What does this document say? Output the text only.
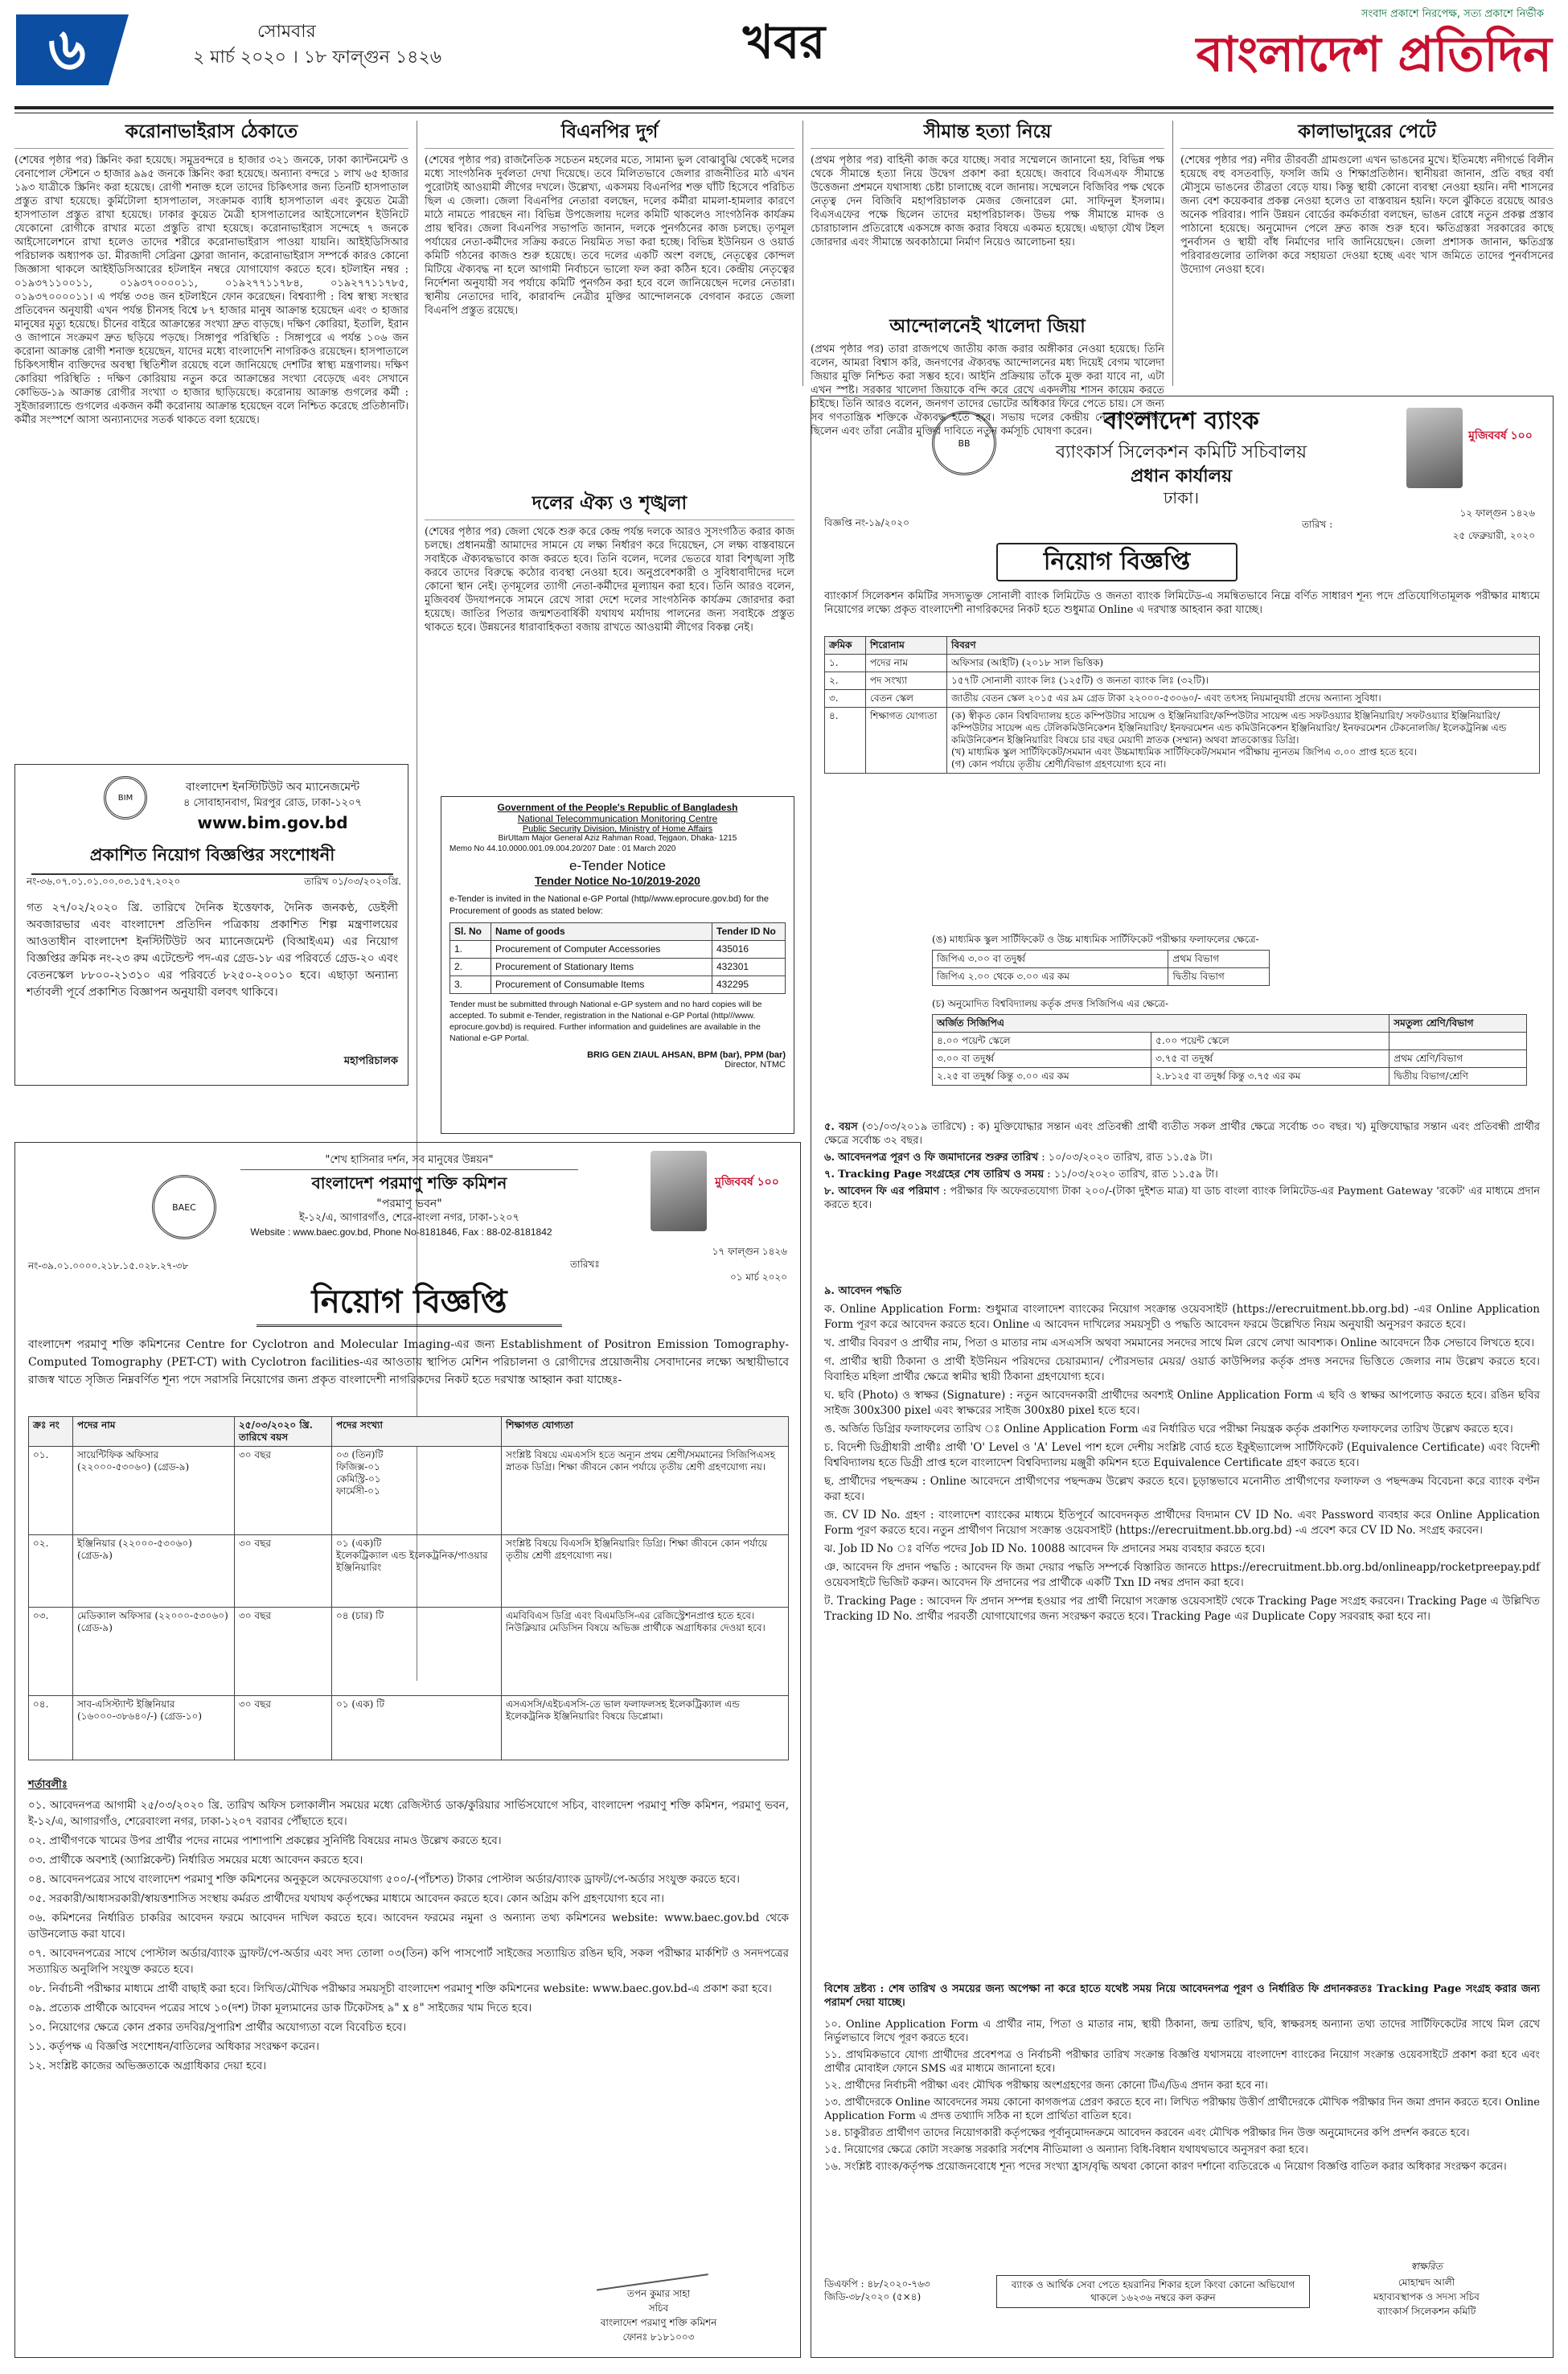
৬	সোমবার
২ মার্চ ২০২০ । ১৮ ফাল্গুন ১৪২৬	খবর
সংবাদ প্রকাশে নিরপেক্ষ, সত্য প্রকাশে নির্ভীক
বাংলাদেশ প্রতিদিন
করোনাভাইরাস ঠেকাতে
(শেষের পৃষ্ঠার পর) স্ক্রিনিং করা হয়েছে। সমুদ্রবন্দরে ৪ হাজার ৩২১ জনকে, ঢাকা ক্যান্টনমেন্ট ও বেনাপোল স্টেশনে ৩ হাজার ৯৯৫ জনকে স্ক্রিনিং করা হয়েছে। অন্যান্য বন্দরে ১ লাখ ৬৫ হাজার ১৯৩ যাত্রীকে স্ক্রিনিং করা হয়েছে। রোগী শনাক্ত হলে তাদের চিকিৎসার জন্য তিনটি হাসপাতাল প্রস্তুত রাখা হয়েছে। কুর্মিটোলা হাসপাতাল, সংক্রামক ব্যাধি হাসপাতাল এবং কুয়েত মৈত্রী হাসপাতাল প্রস্তুত রাখা হয়েছে। ঢাকার কুয়েত মৈত্রী হাসপাতালের আইসোলেশন ইউনিটে যেকোনো রোগীকে রাখার মতো প্রস্তুতি রাখা হয়েছে। করোনাভাইরাস সন্দেহে ৭ জনকে আইসোলেশনে রাখা হলেও তাদের শরীরে করোনাভাইরাস পাওয়া যায়নি। আইইডিসিআর পরিচালক অধ্যাপক ডা. মীরজাদী সেব্রিনা ফ্লোরা জানান, করোনাভাইরাস সম্পর্কে কারও কোনো জিজ্ঞাসা থাকলে আইইডিসিআরের হটলাইন নম্বরে যোগাযোগ করতে হবে। হটলাইন নম্বর : ০১৯৩৭১১০০১১, ০১৯৩৭০০০০১১, ০১৯২৭৭১১৭৮৪, ০১৯২৭৭১১৭৮৫, ০১৯৩৭০০০০১১। এ পর্যন্ত ৩৩৪ জন হটলাইনে ফোন করেছেন। বিশ্বব্যাপী : বিশ্ব স্বাস্থ্য সংস্থার প্রতিবেদন অনুযায়ী এখন পর্যন্ত চীনসহ বিশ্বে ৮৭ হাজার মানুষ আক্রান্ত হয়েছেন এবং ৩ হাজার মানুষের মৃত্যু হয়েছে। চীনের বাইরে আক্রান্তের সংখ্যা দ্রুত বাড়ছে। দক্ষিণ কোরিয়া, ইতালি, ইরান ও জাপানে সংক্রমণ দ্রুত ছড়িয়ে পড়ছে। সিঙ্গাপুর পরিস্থিতি : সিঙ্গাপুরে এ পর্যন্ত ১০৬ জন করোনা আক্রান্ত রোগী শনাক্ত হয়েছেন, যাদের মধ্যে বাংলাদেশি নাগরিকও রয়েছেন। হাসপাতালে চিকিৎসাধীন ব্যক্তিদের অবস্থা স্থিতিশীল রয়েছে বলে জানিয়েছে দেশটির স্বাস্থ্য মন্ত্রণালয়। দক্ষিণ কোরিয়া পরিস্থিতি : দক্ষিণ কোরিয়ায় নতুন করে আক্রান্তের সংখ্যা বেড়েছে এবং সেখানে কোভিড-১৯ আক্রান্ত রোগীর সংখ্যা ৩ হাজার ছাড়িয়েছে। করোনায় আক্রান্ত গুগলের কর্মী : সুইজারল্যান্ডে গুগলের একজন কর্মী করোনায় আক্রান্ত হয়েছেন বলে নিশ্চিত করেছে প্রতিষ্ঠানটি। কর্মীর সংস্পর্শে আসা অন্যান্যদের সতর্ক থাকতে বলা হয়েছে।
বিএনপির দুর্গ
(শেষের পৃষ্ঠার পর) রাজনৈতিক সচেতন মহলের মতে, সামান্য ভুল বোঝাবুঝি থেকেই দলের মধ্যে সাংগঠনিক দুর্বলতা দেখা দিয়েছে। তবে মিলিতভাবে জেলার রাজনীতির মাঠ এখন পুরোটাই আওয়ামী লীগের দখলে। উল্লেখ্য, একসময় বিএনপির শক্ত ঘাঁটি হিসেবে পরিচিত ছিল এ জেলা। জেলা বিএনপির নেতারা বলছেন, দলের কর্মীরা মামলা-হামলার কারণে মাঠে নামতে পারছেন না। বিভিন্ন উপজেলায় দলের কমিটি থাকলেও সাংগঠনিক কার্যক্রম প্রায় স্থবির। জেলা বিএনপির সভাপতি জানান, দলকে পুনর্গঠনের কাজ চলছে। তৃণমূল পর্যায়ের নেতা-কর্মীদের সক্রিয় করতে নিয়মিত সভা করা হচ্ছে। বিভিন্ন ইউনিয়ন ও ওয়ার্ড কমিটি গঠনের কাজও শুরু হয়েছে। তবে দলের একটি অংশ বলছে, নেতৃত্বের কোন্দল মিটিয়ে ঐক্যবদ্ধ না হলে আগামী নির্বাচনে ভালো ফল করা কঠিন হবে। কেন্দ্রীয় নেতৃত্বের নির্দেশনা অনুযায়ী সব পর্যায়ে কমিটি পুনর্গঠন করা হবে বলে জানিয়েছেন দলের নেতারা। স্থানীয় নেতাদের দাবি, কারাবন্দি নেত্রীর মুক্তির আন্দোলনকে বেগবান করতে জেলা বিএনপি প্রস্তুত রয়েছে।
দলের ঐক্য ও শৃঙ্খলা
(শেষের পৃষ্ঠার পর) জেলা থেকে শুরু করে কেন্দ্র পর্যন্ত দলকে আরও সুসংগঠিত করার কাজ চলছে। প্রধানমন্ত্রী আমাদের সামনে যে লক্ষ্য নির্ধারণ করে দিয়েছেন, সে লক্ষ্য বাস্তবায়নে সবাইকে ঐক্যবদ্ধভাবে কাজ করতে হবে। তিনি বলেন, দলের ভেতরে যারা বিশৃঙ্খলা সৃষ্টি করবে তাদের বিরুদ্ধে কঠোর ব্যবস্থা নেওয়া হবে। অনুপ্রবেশকারী ও সুবিধাবাদীদের দলে কোনো স্থান নেই। তৃণমূলের ত্যাগী নেতা-কর্মীদের মূল্যায়ন করা হবে। তিনি আরও বলেন, মুজিববর্ষ উদযাপনকে সামনে রেখে সারা দেশে দলের সাংগঠনিক কার্যক্রম জোরদার করা হয়েছে। জাতির পিতার জন্মশতবার্ষিকী যথাযথ মর্যাদায় পালনের জন্য সবাইকে প্রস্তুত থাকতে হবে। উন্নয়নের ধারাবাহিকতা বজায় রাখতে আওয়ামী লীগের বিকল্প নেই।
সীমান্ত হত্যা নিয়ে
(প্রথম পৃষ্ঠার পর) বাহিনী কাজ করে যাচ্ছে। সবার সম্মেলনে জানানো হয়, বিভিন্ন পক্ষ থেকে সীমান্তে হত্যা নিয়ে উদ্বেগ প্রকাশ করা হয়েছে। জবাবে বিএসএফ সীমান্তে উত্তেজনা প্রশমনে যথাসাধ্য চেষ্টা চালাচ্ছে বলে জানায়। সম্মেলনে বিজিবির পক্ষ থেকে নেতৃত্ব দেন বিজিবি মহাপরিচালক মেজর জেনারেল মো. সাফিনুল ইসলাম। বিএসএফের পক্ষে ছিলেন তাদের মহাপরিচালক। উভয় পক্ষ সীমান্তে মাদক ও চোরাচালান প্রতিরোধে একসঙ্গে কাজ করার বিষয়ে একমত হয়েছে। এছাড়া যৌথ টহল জোরদার এবং সীমান্তে অবকাঠামো নির্মাণ নিয়েও আলোচনা হয়।
আন্দোলনেই খালেদা জিয়া
(প্রথম পৃষ্ঠার পর) তারা রাজপথে জাতীয় কাজ করার অঙ্গীকার নেওয়া হয়েছে। তিনি বলেন, আমরা বিশ্বাস করি, জনগণের ঐক্যবদ্ধ আন্দোলনের মধ্য দিয়েই বেগম খালেদা জিয়ার মুক্তি নিশ্চিত করা সম্ভব হবে। আইনি প্রক্রিয়ায় তাঁকে মুক্ত করা যাবে না, এটা এখন স্পষ্ট। সরকার খালেদা জিয়াকে বন্দি করে রেখে একদলীয় শাসন কায়েম করতে চাইছে। তিনি আরও বলেন, জনগণ তাদের ভোটের অধিকার ফিরে পেতে চায়। সে জন্য সব গণতান্ত্রিক শক্তিকে ঐক্যবদ্ধ হতে হবে। সভায় দলের কেন্দ্রীয় নেতারা উপস্থিত ছিলেন এবং তাঁরা নেত্রীর মুক্তির দাবিতে নতুন কর্মসূচি ঘোষণা করেন।
কালাভাদুরের পেটে
(শেষের পৃষ্ঠার পর) নদীর তীরবর্তী গ্রামগুলো এখন ভাঙনের মুখে। ইতিমধ্যে নদীগর্ভে বিলীন হয়েছে বহু বসতবাড়ি, ফসলি জমি ও শিক্ষাপ্রতিষ্ঠান। স্থানীয়রা জানান, প্রতি বছর বর্ষা মৌসুমে ভাঙনের তীব্রতা বেড়ে যায়। কিন্তু স্থায়ী কোনো ব্যবস্থা নেওয়া হয়নি। নদী শাসনের জন্য বেশ কয়েকবার প্রকল্প নেওয়া হলেও তা বাস্তবায়ন হয়নি। ফলে ঝুঁকিতে রয়েছে আরও অনেক পরিবার। পানি উন্নয়ন বোর্ডের কর্মকর্তারা বলছেন, ভাঙন রোধে নতুন প্রকল্প প্রস্তাব পাঠানো হয়েছে। অনুমোদন পেলে দ্রুত কাজ শুরু হবে। ক্ষতিগ্রস্তরা সরকারের কাছে পুনর্বাসন ও স্থায়ী বাঁধ নির্মাণের দাবি জানিয়েছেন। জেলা প্রশাসক জানান, ক্ষতিগ্রস্ত পরিবারগুলোর তালিকা করে সহায়তা দেওয়া হচ্ছে এবং খাস জমিতে তাদের পুনর্বাসনের উদ্যোগ নেওয়া হবে।
BIM
বাংলাদেশ ইনস্টিটিউট অব ম্যানেজমেন্ট
৪ সোবাহানবাগ, মিরপুর রোড, ঢাকা-১২০৭
www.bim.gov.bd
প্রকাশিত নিয়োগ বিজ্ঞপ্তির সংশোধনী
নং-৩৬.০৭.০১.০১.০০.০৩.১৫৭.২০২০	তারিখ ০১/০৩/২০২০খ্রি.
গত ২৭/০২/২০২০ খ্রি. তারিখে দৈনিক ইত্তেফাক, দৈনিক জনকণ্ঠ, ডেইলী অবজারভার এবং বাংলাদেশ প্রতিদিন পত্রিকায় প্রকাশিত শিল্প মন্ত্রণালয়ের আওতাধীন বাংলাদেশ ইনস্টিটিউট অব ম্যানেজমেন্ট (বিআইএম) এর নিয়োগ বিজ্ঞপ্তির ক্রমিক নং-২৩ রুম এটেন্ডেন্ট পদ-এর গ্রেড-১৮ এর পরিবর্তে গ্রেড-২০ এবং বেতনস্কেল ৮৮০০-২১৩১০ এর পরিবর্তে ৮২৫০-২০০১০ হবে। এছাড়া অন্যান্য শর্তাবলী পূর্বে প্রকাশিত বিজ্ঞাপন অনুযায়ী বলবৎ থাকিবে।
মহাপরিচালক
Government of the People's Republic of Bangladesh
National Telecommunication Monitoring Centre
Public Security Division, Ministry of Home Affairs
BirUttam Major General Aziz Rahman Road, Tejgaon, Dhaka- 1215
Memo No 44.10.0000.001.09.004.20/207 Date : 01 March 2020
e-Tender Notice
Tender Notice No-10/2019-2020
e-Tender is invited in the National e-GP Portal (http//www.eprocure.gov.bd) for the Procurement of goods as stated below:
Sl. No	Name of goods	Tender ID No
1.	Procurement of Computer Accessories	435016
2.	Procurement of Stationary Items	432301
3.	Procurement of Consumable Items	432295
Tender must be submitted through National e-GP system and no hard copies will be accepted. To submit e-Tender, registration in the National e-GP Portal (http///www. eprocure.gov.bd) is required. Further information and guidelines are available in the National e-GP Portal.
BRIG GEN ZIAUL AHSAN, BPM (bar), PPM (bar)
Director, NTMC
BB
বাংলাদেশ ব্যাংক
ব্যাংকার্স সিলেকশন কমিটি সচিবালয়
প্রধান কার্যালয়
ঢাকা।
মুজিববর্ষ ১০০
বিজ্ঞপ্তি নং-১৯/২০২০
১২ ফাল্গুন ১৪২৬
তারিখ :
২৫ ফেব্রুয়ারী, ২০২০
নিয়োগ বিজ্ঞপ্তি
ব্যাংকার্স সিলেকশন কমিটির সদস্যভুক্ত সোনালী ব্যাংক লিমিটেড ও জনতা ব্যাংক লিমিটেড-এ সমন্বিতভাবে নিম্নে বর্ণিত সাধারণ শূন্য পদে প্রতিযোগিতামূলক পরীক্ষার মাধ্যমে নিয়োগের লক্ষ্যে প্রকৃত বাংলাদেশী নাগরিকদের নিকট হতে শুধুমাত্র Online এ দরখাস্ত আহবান করা যাচ্ছে।
ক্রমিক	শিরোনাম	বিবরণ
১.	পদের নাম	অফিসার (আইটি) (২০১৮ সাল ভিত্তিক)
২.	পদ সংখ্যা	১৫৭টি সোনালী ব্যাংক লিঃ (১২৫টি) ও জনতা ব্যাংক লিঃ (৩২টি)।
৩.	বেতন স্কেল	জাতীয় বেতন স্কেল ২০১৫ এর ৯ম গ্রেড টাকা ২২০০০-৫৩০৬০/- এবং তৎসহ নিয়মানুযায়ী প্রদেয় অন্যান্য সুবিধা।
৪.	শিক্ষাগত যোগ্যতা	(ক) স্বীকৃত কোন বিশ্ববিদ্যালয় হতে কম্পিউটার সায়েন্স ও ইঞ্জিনিয়ারিং/কম্পিউটার সায়েন্স এন্ড সফটওয়্যার ইঞ্জিনিয়ারিং/ সফটওয়্যার ইঞ্জিনিয়ারিং/কম্পিউটার সায়েন্স এন্ড টেলিকমিউনিকেশন ইঞ্জিনিয়ারিং/ ইনফরমেশন এন্ড কমিউনিকেশন ইঞ্জিনিয়ারিং/ ইনফরমেশন টেকনোলজি/ ইলেকট্রনিক্স এন্ড কমিউনিকেশন ইঞ্জিনিয়ারিং বিষয়ে চার বছর মেয়াদী স্নাতক (সম্মান) অথবা স্নাতকোত্তর ডিগ্রি।
(খ) মাধ্যমিক স্কুল সার্টিফিকেট/সমমান এবং উচ্চমাধ্যমিক সার্টিফিকেট/সমমান পরীক্ষায় ন্যূনতম জিপিএ ৩.০০ প্রাপ্ত হতে হবে।
(গ) কোন পর্যায়ে তৃতীয় শ্রেণী/বিভাগ গ্রহণযোগ্য হবে না।
(ঙ) মাধ্যমিক স্কুল সার্টিফিকেট ও উচ্চ মাধ্যমিক সার্টিফিকেট পরীক্ষার ফলাফলের ক্ষেত্রে-
জিপিএ ৩.০০ বা তদুর্ধ্ব	প্রথম বিভাগ
জিপিএ ২.০০ থেকে ৩.০০ এর কম	দ্বিতীয় বিভাগ
(চ) অনুমোদিত বিশ্ববিদ্যালয় কর্তৃক প্রদত্ত সিজিপিএ এর ক্ষেত্রে-
অর্জিত সিজিপিএ		সমতুল্য শ্রেণি/বিভাগ
৪.০০ পয়েন্ট স্কেলে	৫.০০ পয়েন্ট স্কেলে	
৩.০০ বা তদুর্ধ্ব	৩.৭৫ বা তদুর্ধ্ব	প্রথম শ্রেণি/বিভাগ
২.২৫ বা তদুর্ধ্ব কিন্তু ৩.০০ এর কম	২.৮১২৫ বা তদুর্ধ্ব কিন্তু ৩.৭৫ এর কম	দ্বিতীয় বিভাগ/শ্রেণি
৫. বয়স (৩১/০৩/২০১৯ তারিখে) : ক) মুক্তিযোদ্ধার সন্তান এবং প্রতিবন্ধী প্রার্থী ব্যতীত সকল প্রার্থীর ক্ষেত্রে সর্বোচ্চ ৩০ বছর। খ) মুক্তিযোদ্ধার সন্তান এবং প্রতিবন্ধী প্রার্থীর ক্ষেত্রে সর্বোচ্চ ৩২ বছর।
৬. আবেদনপত্র পূরণ ও ফি জমাদানের শুরুর তারিখ : ১০/০৩/২০২০ তারিখ, রাত ১১.৫৯ টা।
৭. Tracking Page সংগ্রহের শেষ তারিখ ও সময় : ১১/০৩/২০২০ তারিখ, রাত ১১.৫৯ টা।
৮. আবেদন ফি এর পরিমাণ : পরীক্ষার ফি অফেরতযোগ্য টাকা ২০০/-(টাকা দুইশত মাত্র) যা ডাচ বাংলা ব্যাংক লিমিটেড-এর Payment Gateway 'রকেট' এর মাধ্যমে প্রদান করতে হবে।
৯. আবেদন পদ্ধতি
ক. Online Application Form: শুধুমাত্র বাংলাদেশ ব্যাংকের নিয়োগ সংক্রান্ত ওয়েবসাইট (https://erecruitment.bb.org.bd) -এর Online Application Form পূরণ করে আবেদন করতে হবে। Online এ আবেদন দাখিলের সময়সূচী ও পদ্ধতি আবেদন ফরমে উল্লেখিত নিয়ম অনুযায়ী অনুসরণ করতে হবে।
খ. প্রার্থীর বিবরণ ও প্রার্থীর নাম, পিতা ও মাতার নাম এসএসসি অথবা সমমানের সনদের সাথে মিল রেখে লেখা আবশ্যক। Online আবেদনে ঠিক সেভাবে লিখতে হবে।
গ. প্রার্থীর স্থায়ী ঠিকানা ও প্রার্থী ইউনিয়ন পরিষদের চেয়ারম্যান/ পৌরসভার মেয়র/ ওয়ার্ড কাউন্সিলর কর্তৃক প্রদত্ত সনদের ভিত্তিতে জেলার নাম উল্লেখ করতে হবে। বিবাহিত মহিলা প্রার্থীর ক্ষেত্রে স্বামীর স্থায়ী ঠিকানা গ্রহণযোগ্য হবে।
ঘ. ছবি (Photo) ও স্বাক্ষর (Signature) : নতুন আবেদনকারী প্রার্থীদের অবশ্যই Online Application Form এ ছবি ও স্বাক্ষর আপলোড করতে হবে। রঙিন ছবির সাইজ 300x300 pixel এবং স্বাক্ষরের সাইজ 300x80 pixel হতে হবে।
ঙ. অর্জিত ডিগ্রির ফলাফলের তারিখ ঃ Online Application Form এর নির্ধারিত ঘরে পরীক্ষা নিয়ন্ত্রক কর্তৃক প্রকাশিত ফলাফলের তারিখ উল্লেখ করতে হবে।
চ. বিদেশী ডিগ্রীধারী প্রার্থীঃ প্রার্থী 'O' Level ও 'A' Level পাশ হলে দেশীয় সংশ্লিষ্ট বোর্ড হতে ইকুইভ্যালেন্স সার্টিফিকেট (Equivalence Certificate) এবং বিদেশী বিশ্ববিদ্যালয় হতে ডিগ্রী প্রাপ্ত হলে বাংলাদেশ বিশ্ববিদ্যালয় মঞ্জুরী কমিশন হতে Equivalence Certificate গ্রহণ করতে হবে।
ছ. প্রার্থীদের পছন্দক্রম : Online আবেদনে প্রার্থীগণের পছন্দক্রম উল্লেখ করতে হবে। চূড়ান্তভাবে মনোনীত প্রার্থীগণের ফলাফল ও পছন্দক্রম বিবেচনা করে ব্যাংক বণ্টন করা হবে।
জ. CV ID No. গ্রহণ : বাংলাদেশ ব্যাংকের মাধ্যমে ইতিপূর্বে আবেদনকৃত প্রার্থীদের বিদ্যমান CV ID No. এবং Password ব্যবহার করে Online Application Form পূরণ করতে হবে। নতুন প্রার্থীগণ নিয়োগ সংক্রান্ত ওয়েবসাইট (https://erecruitment.bb.org.bd) -এ প্রবেশ করে CV ID No. সংগ্রহ করবেন।
ঝ. Job ID No ঃ বর্ণিত পদের Job ID No. 10088 আবেদন ফি প্রদানের সময় ব্যবহার করতে হবে।
ঞ. আবেদন ফি প্রদান পদ্ধতি : আবেদন ফি জমা দেয়ার পদ্ধতি সম্পর্কে বিস্তারিত জানতে https://erecruitment.bb.org.bd/onlineapp/rocketpreepay.pdf ওয়েবসাইটে ভিজিট করুন। আবেদন ফি প্রদানের পর প্রার্থীকে একটি Txn ID নম্বর প্রদান করা হবে।
ট. Tracking Page : আবেদন ফি প্রদান সম্পন্ন হওয়ার পর প্রার্থী নিয়োগ সংক্রান্ত ওয়েবসাইট থেকে Tracking Page সংগ্রহ করবেন। Tracking Page এ উল্লিখিত Tracking ID No. প্রার্থীর পরবর্তী যোগাযোগের জন্য সংরক্ষণ করতে হবে। Tracking Page এর Duplicate Copy সরবরাহ করা হবে না।
বিশেষ দ্রষ্টব্য : শেষ তারিখ ও সময়ের জন্য অপেক্ষা না করে হাতে যথেষ্ট সময় নিয়ে আবেদনপত্র পূরণ ও নির্ধারিত ফি প্রদানকরতঃ Tracking Page সংগ্রহ করার জন্য পরামর্শ দেয়া যাচ্ছে।
১০. Online Application Form এ প্রার্থীর নাম, পিতা ও মাতার নাম, স্থায়ী ঠিকানা, জন্ম তারিখ, ছবি, স্বাক্ষরসহ অন্যান্য তথ্য তাদের সার্টিফিকেটের সাথে মিল রেখে নির্ভুলভাবে লিখে পূরণ করতে হবে।
১১. প্রাথমিকভাবে যোগ্য প্রার্থীদের প্রবেশপত্র ও নির্বাচনী পরীক্ষার তারিখ সংক্রান্ত বিজ্ঞপ্তি যথাসময়ে বাংলাদেশ ব্যাংকের নিয়োগ সংক্রান্ত ওয়েবসাইটে প্রকাশ করা হবে এবং প্রার্থীর মোবাইল ফোনে SMS এর মাধ্যমে জানানো হবে।
১২. প্রার্থীদের নির্বাচনী পরীক্ষা এবং মৌখিক পরীক্ষায় অংশগ্রহণের জন্য কোনো টিএ/ডিএ প্রদান করা হবে না।
১৩. প্রার্থীদেরকে Online আবেদনের সময় কোনো কাগজপত্র প্রেরণ করতে হবে না। লিখিত পরীক্ষায় উত্তীর্ণ প্রার্থীদেরকে মৌখিক পরীক্ষার দিন জমা প্রদান করতে হবে। Online Application Form এ প্রদত্ত তথ্যাদি সঠিক না হলে প্রার্থিতা বাতিল হবে।
১৪. চাকুরীরত প্রার্থীগণ তাদের নিয়োগকারী কর্তৃপক্ষের পূর্বানুমোদনক্রমে আবেদন করবেন এবং মৌখিক পরীক্ষার দিন উক্ত অনুমোদনের কপি প্রদর্শন করতে হবে।
১৫. নিয়োগের ক্ষেত্রে কোটা সংক্রান্ত সরকারি সর্বশেষ নীতিমালা ও অন্যান্য বিধি-বিধান যথাযথভাবে অনুসরণ করা হবে।
১৬. সংশ্লিষ্ট ব্যাংক/কর্তৃপক্ষ প্রয়োজনবোধে শূন্য পদের সংখ্যা হ্রাস/বৃদ্ধি অথবা কোনো কারণ দর্শানো ব্যতিরেকে এ নিয়োগ বিজ্ঞপ্তি বাতিল করার অধিকার সংরক্ষণ করেন।
ডিএফপি : ৪৮/২০২০-৭৬৩
জিডি-৩৮/২০২০ (৫×৪)
ব্যাংক ও আর্থিক সেবা পেতে হয়রানির শিকার হলে কিংবা কোনো অভিযোগ থাকলে ১৬২৩৬ নম্বরে কল করুন
স্বাক্ষরিত
মোহাম্মদ আলী
মহাব্যবস্থাপক ও সদস্য সচিব
ব্যাংকার্স সিলেকশন কমিটি
BAEC
"শেখ হাসিনার দর্শন, সব মানুষের উন্নয়ন"
বাংলাদেশ পরমাণু শক্তি কমিশন
"পরমাণু ভবন"
ই-১২/এ, আগারগাঁও, শেরে-বাংলা নগর, ঢাকা-১২০৭
Website : www.baec.gov.bd, Phone No-8181846, Fax : 88-02-8181842
মুজিববর্ষ ১০০
নং-৩৯.০১.০০০০.২১৮.১৫.০২৮.২৭-৩৮
১৭ ফাল্গুন ১৪২৬
তারিখঃ
০১ মার্চ ২০২০
নিয়োগ বিজ্ঞপ্তি
বাংলাদেশ পরমাণু শক্তি কমিশনের Centre for Cyclotron and Molecular Imaging-এর জন্য Establishment of Positron Emission Tomography-Computed Tomography (PET-CT) with Cyclotron facilities-এর আওতায় স্থাপিত মেশিন পরিচালনা ও রোগীদের প্রয়োজনীয় সেবাদানের লক্ষ্যে অস্থায়ীভাবে রাজস্ব খাতে সৃজিত নিম্নবর্ণিত শূন্য পদে সরাসরি নিয়োগের জন্য প্রকৃত বাংলাদেশী নাগরিকদের নিকট হতে দরখাস্ত আহ্বান করা যাচ্ছেঃ-
ক্রঃ নং	পদের নাম	২৫/০৩/২০২০ খ্রি. তারিখে বয়স	পদের সংখ্যা	শিক্ষাগত যোগ্যতা
০১.	সায়েন্টিফিক অফিসার (২২০০০-৫৩০৬০) (গ্রেড-৯)	৩০ বছর	০৩ (তিন)টি
ফিজিক্স-০১
কেমিস্ট্রি-০১
ফার্মেসী-০১	সংশ্লিষ্ট বিষয়ে এমএসসি হতে অন্যূন প্রথম শ্রেণী/সমমানের সিজিপিএসহ স্নাতক ডিগ্রি। শিক্ষা জীবনে কোন পর্যায়ে তৃতীয় শ্রেণী গ্রহণযোগ্য নয়।
০২.	ইঞ্জিনিয়ার (২২০০০-৫৩০৬০) (গ্রেড-৯)	৩০ বছর	০১ (এক)টি
ইলেকট্রিক্যাল এন্ড ইলেকট্রনিক/পাওয়ার ইঞ্জিনিয়ারিং	সংশ্লিষ্ট বিষয়ে বিএসসি ইঞ্জিনিয়ারিং ডিগ্রি। শিক্ষা জীবনে কোন পর্যায়ে তৃতীয় শ্রেণী গ্রহণযোগ্য নয়।
০৩.	মেডিক্যাল অফিসার (২২০০০-৫৩০৬০) (গ্রেড-৯)	৩০ বছর	০৪ (চার) টি	এমবিবিএস ডিগ্রি এবং বিএমডিসি-এর রেজিস্ট্রেশনপ্রাপ্ত হতে হবে। নিউক্লিয়ার মেডিসিন বিষয়ে অভিজ্ঞ প্রার্থীকে অগ্রাধিকার দেওয়া হবে।
০৪.	সাব-এসিস্ট্যান্ট ইঞ্জিনিয়ার (১৬০০০-৩৮৬৪০/-) (গ্রেড-১০)	৩০ বছর	০১ (এক) টি	এসএসসি/এইচএসসি-তে ভাল ফলাফলসহ ইলেকট্রিক্যাল এন্ড ইলেকট্রনিক ইঞ্জিনিয়ারিং বিষয়ে ডিপ্লোমা।
শর্তাবলীঃ
০১. আবেদনপত্র আগামী ২৫/০৩/২০২০ খ্রি. তারিখ অফিস চলাকালীন সময়ের মধ্যে রেজিস্টার্ড ডাক/কুরিয়ার সার্ভিসযোগে সচিব, বাংলাদেশ পরমাণু শক্তি কমিশন, পরমাণু ভবন, ই-১২/এ, আগারগাঁও, শেরেবাংলা নগর, ঢাকা-১২০৭ বরাবর পৌঁছাতে হবে।
০২. প্রার্থীগণকে খামের উপর প্রার্থীর পদের নামের পাশাপাশি প্রকল্পের সুনির্দিষ্ট বিষয়ের নামও উল্লেখ করতে হবে।
০৩. প্রার্থীকে অবশ্যই (অ্যাপ্লিকেন্ট) নির্ধারিত সময়ের মধ্যে আবেদন করতে হবে।
০৪. আবেদনপত্রের সাথে বাংলাদেশ পরমাণু শক্তি কমিশনের অনুকূলে অফেরতযোগ্য ৫০০/-(পাঁচশত) টাকার পোস্টাল অর্ডার/ব্যাংক ড্রাফট/পে-অর্ডার সংযুক্ত করতে হবে।
০৫. সরকারী/আধাসরকারী/স্বায়ত্তশাসিত সংস্থায় কর্মরত প্রার্থীদের যথাযথ কর্তৃপক্ষের মাধ্যমে আবেদন করতে হবে। কোন অগ্রিম কপি গ্রহণযোগ্য হবে না।
০৬. কমিশনের নির্ধারিত চাকরির আবেদন ফরমে আবেদন দাখিল করতে হবে। আবেদন ফরমের নমুনা ও অন্যান্য তথ্য কমিশনের website: www.baec.gov.bd থেকে ডাউনলোড করা যাবে।
০৭. আবেদনপত্রের সাথে পোস্টাল অর্ডার/ব্যাংক ড্রাফট/পে-অর্ডার এবং সদ্য তোলা ০৩(তিন) কপি পাসপোর্ট সাইজের সত্যায়িত রঙিন ছবি, সকল পরীক্ষার মার্কশিট ও সনদপত্রের সত্যায়িত অনুলিপি সংযুক্ত করতে হবে।
০৮. নির্বাচনী পরীক্ষার মাধ্যমে প্রার্থী বাছাই করা হবে। লিখিত/মৌখিক পরীক্ষার সময়সূচী বাংলাদেশ পরমাণু শক্তি কমিশনের website: www.baec.gov.bd-এ প্রকাশ করা হবে।
০৯. প্রত্যেক প্রার্থীকে আবেদন পত্রের সাথে ১০(দশ) টাকা মূল্যমানের ডাক টিকেটসহ ৯" x ৪" সাইজের খাম দিতে হবে।
১০. নিয়োগের ক্ষেত্রে কোন প্রকার তদবির/সুপারিশ প্রার্থীর অযোগ্যতা বলে বিবেচিত হবে।
১১. কর্তৃপক্ষ এ বিজ্ঞপ্তি সংশোধন/বাতিলের অধিকার সংরক্ষণ করেন।
১২. সংশ্লিষ্ট কাজের অভিজ্ঞতাকে অগ্রাধিকার দেয়া হবে।
তপন কুমার সাহা
সচিব
বাংলাদেশ পরমাণু শক্তি কমিশন
ফোনঃ ৮১৮১০০৩
